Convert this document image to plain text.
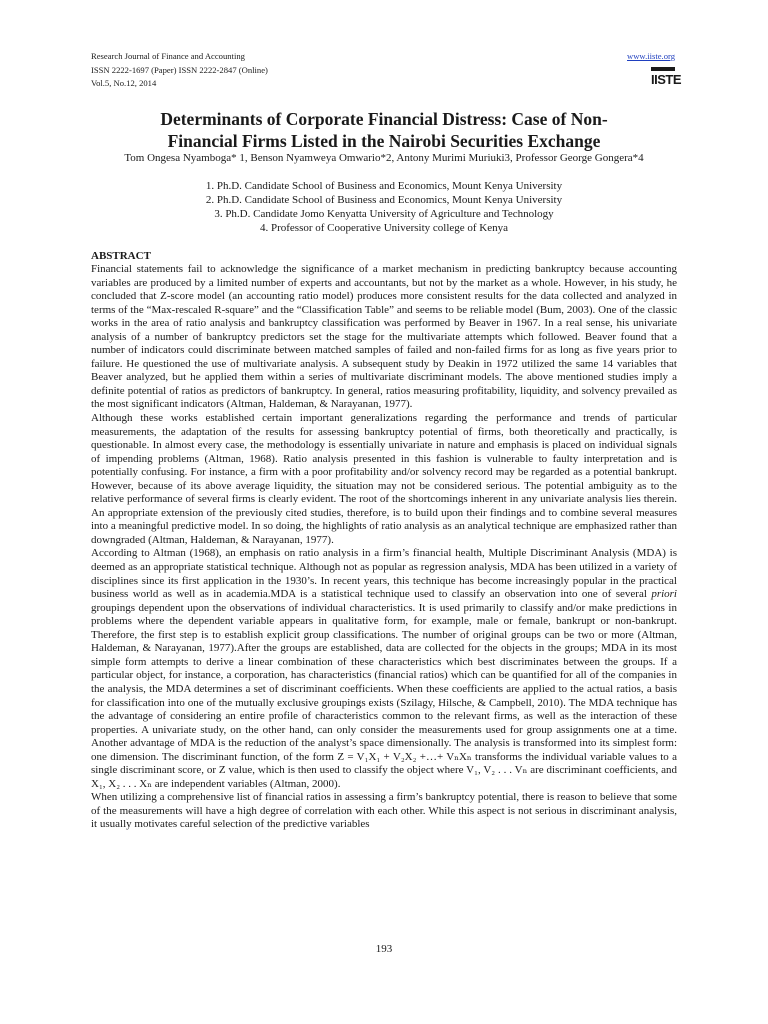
Research Journal of Finance and Accounting
ISSN 2222-1697 (Paper) ISSN 2222-2847 (Online)
Vol.5, No.12, 2014
www.iiste.org
IISTE
Determinants of Corporate Financial Distress: Case of Non-
Financial Firms Listed in the Nairobi Securities Exchange
Tom Ongesa Nyamboga* 1, Benson Nyamweya Omwario*2, Antony Murimi Muriuki3, Professor George Gongera*4
1. Ph.D. Candidate School of Business and Economics, Mount Kenya University
2. Ph.D. Candidate School of Business and Economics, Mount Kenya University
3. Ph.D. Candidate Jomo Kenyatta University of Agriculture and Technology
4. Professor of Cooperative University college of Kenya
ABSTRACT

Financial statements fail to acknowledge the significance of a market mechanism in predicting bankruptcy because accounting variables are produced by a limited number of experts and accountants, but not by the market as a whole. However, in his study, he concluded that Z-score model (an accounting ratio model) produces more consistent results for the data collected and analyzed in terms of the “Max-rescaled R-square” and the “Classification Table” and seems to be reliable model (Bum, 2003). One of the classic works in the area of ratio analysis and bankruptcy classification was performed by Beaver in 1967. In a real sense, his univariate analysis of a number of bankruptcy predictors set the stage for the multivariate attempts which followed. Beaver found that a number of indicators could discriminate between matched samples of failed and non-failed firms for as long as five years prior to failure. He questioned the use of multivariate analysis. A subsequent study by Deakin in 1972 utilized the same 14 variables that Beaver analyzed, but he applied them within a series of multivariate discriminant models. The above mentioned studies imply a definite potential of ratios as predictors of bankruptcy. In general, ratios measuring profitability, liquidity, and solvency prevailed as the most significant indicators (Altman, Haldeman, & Narayanan, 1977).

Although these works established certain important generalizations regarding the performance and trends of particular measurements, the adaptation of the results for assessing bankruptcy potential of firms, both theoretically and practically, is questionable. In almost every case, the methodology is essentially univariate in nature and emphasis is placed on individual signals of impending problems (Altman, 1968). Ratio analysis presented in this fashion is vulnerable to faulty interpretation and is potentially confusing. For instance, a firm with a poor profitability and/or solvency record may be regarded as a potential bankrupt. However, because of its above average liquidity, the situation may not be considered serious. The potential ambiguity as to the relative performance of several firms is clearly evident. The root of the shortcomings inherent in any univariate analysis lies therein. An appropriate extension of the previously cited studies, therefore, is to build upon their findings and to combine several measures into a meaningful predictive model. In so doing, the highlights of ratio analysis as an analytical technique are emphasized rather than downgraded (Altman, Haldeman, & Narayanan, 1977).

According to Altman (1968), an emphasis on ratio analysis in a firm’s financial health, Multiple Discriminant Analysis (MDA) is deemed as an appropriate statistical technique. Although not as popular as regression analysis, MDA has been utilized in a variety of disciplines since its first application in the 1930’s. In recent years, this technique has become increasingly popular in the practical business world as well as in academia.MDA is a statistical technique used to classify an observation into one of several priori groupings dependent upon the observations of individual characteristics. It is used primarily to classify and/or make predictions in problems where the dependent variable appears in qualitative form, for example, male or female, bankrupt or non-bankrupt. Therefore, the first step is to establish explicit group classifications. The number of original groups can be two or more (Altman, Haldeman, & Narayanan, 1977).After the groups are established, data are collected for the objects in the groups; MDA in its most simple form attempts to derive a linear combination of these characteristics which best discriminates between the groups. If a particular object, for instance, a corporation, has characteristics (financial ratios) which can be quantified for all of the companies in the analysis, the MDA determines a set of discriminant coefficients. When these coefficients are applied to the actual ratios, a basis for classification into one of the mutually exclusive groupings exists (Szilagy, Hilsche, & Campbell, 2010). The MDA technique has the advantage of considering an entire profile of characteristics common to the relevant firms, as well as the interaction of these properties. A univariate study, on the other hand, can only consider the measurements used for group assignments one at a time. Another advantage of MDA is the reduction of the analyst’s space dimensionally. The analysis is transformed into its simplest form: one dimension. The discriminant function, of the form Z = V₁X₁ + V₂X₂ +…+ VₙXₙ transforms the individual variable values to a single discriminant score, or Z value, which is then used to classify the object where V₁, V₂ . . . Vₙ are discriminant coefficients, and X₁, X₂ . . . Xₙ are independent variables (Altman, 2000).

When utilizing a comprehensive list of financial ratios in assessing a firm’s bankruptcy potential, there is reason to believe that some of the measurements will have a high degree of correlation with each other. While this aspect is not serious in discriminant analysis, it usually motivates careful selection of the predictive variables

193
